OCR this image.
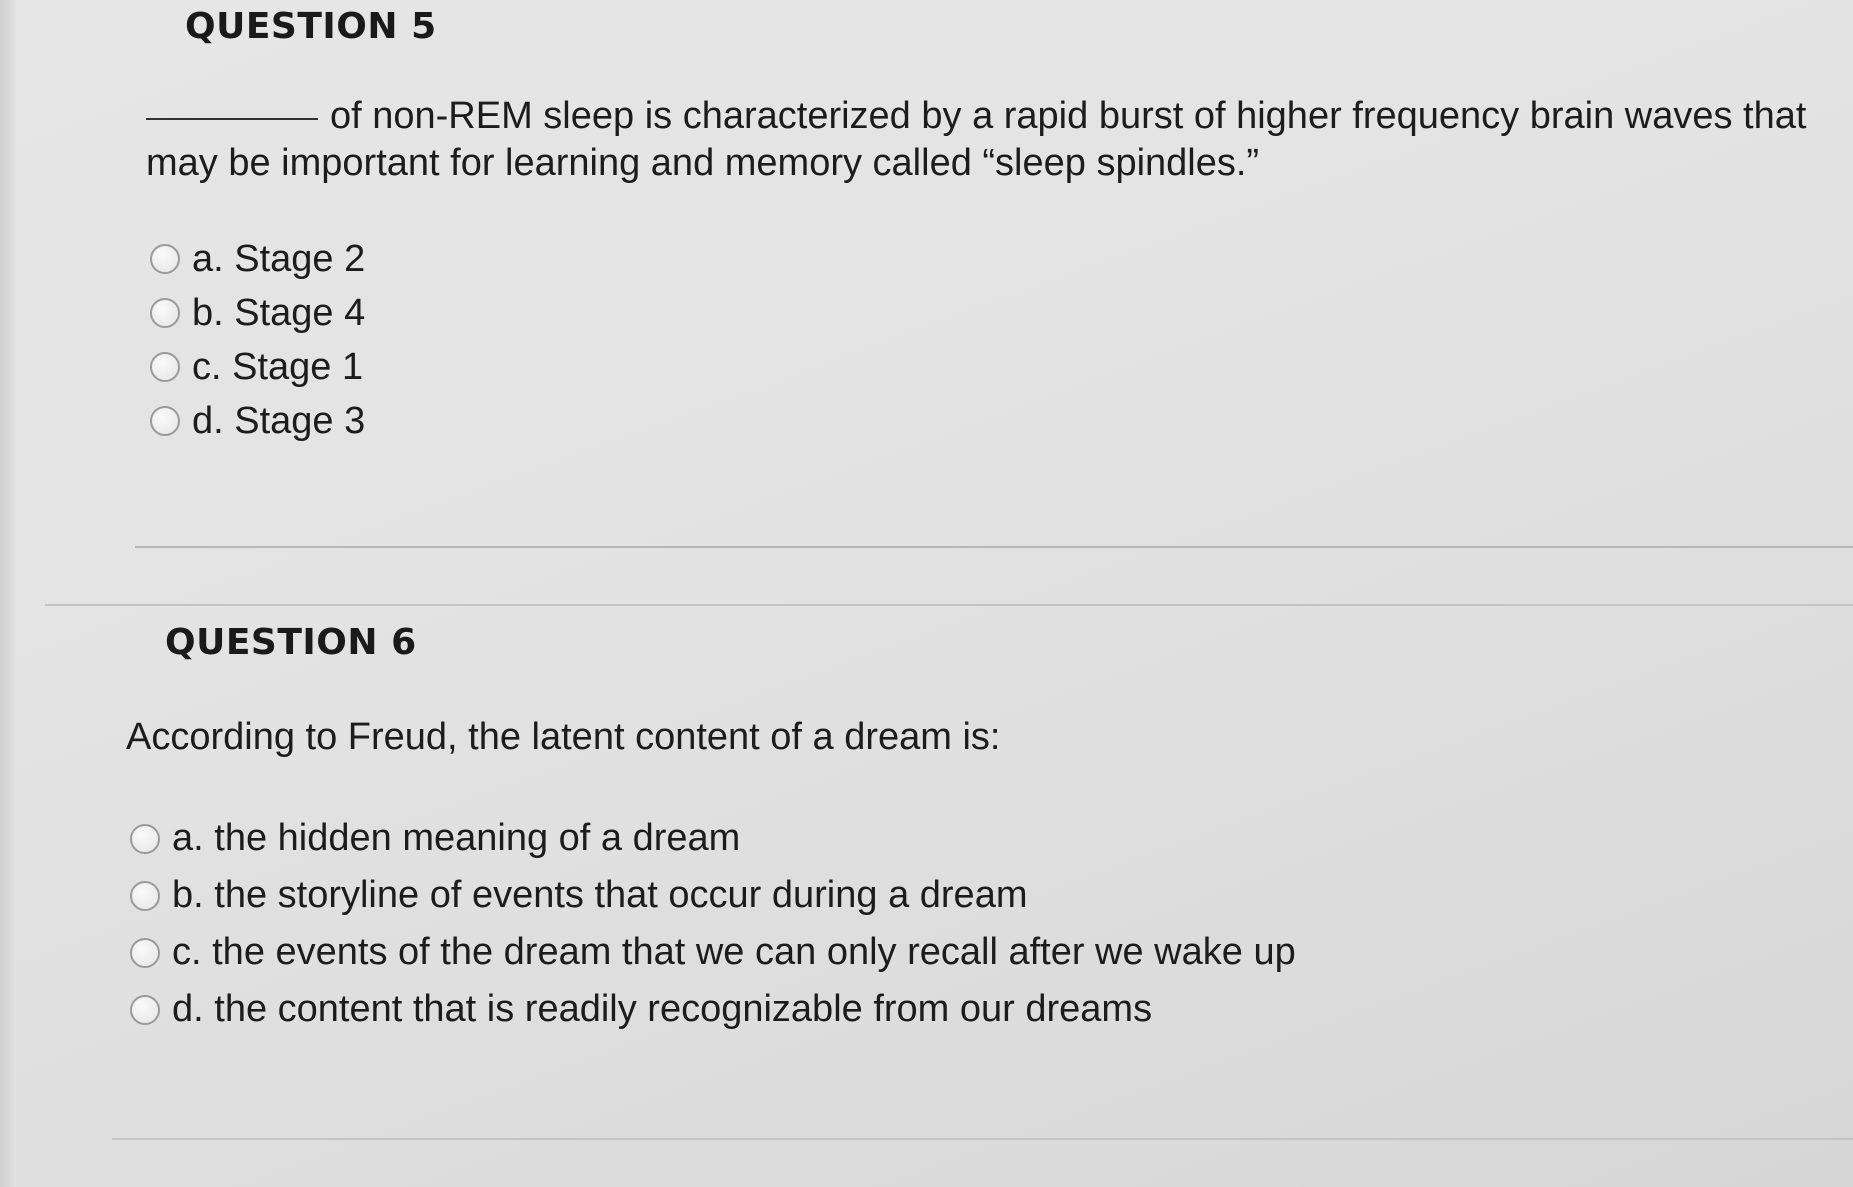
QUESTION 5
of non-REM sleep is characterized by a rapid burst of higher frequency brain waves that may be important for learning and memory called “sleep spindles.”
a.
Stage 2
b.
Stage 4
c.
Stage 1
d.
Stage 3
QUESTION 6
According to Freud, the latent content of a dream is:
a.
the hidden meaning of a dream
b.
the storyline of events that occur during a dream
c.
the events of the dream that we can only recall after we wake up
d.
the content that is readily recognizable from our dreams
